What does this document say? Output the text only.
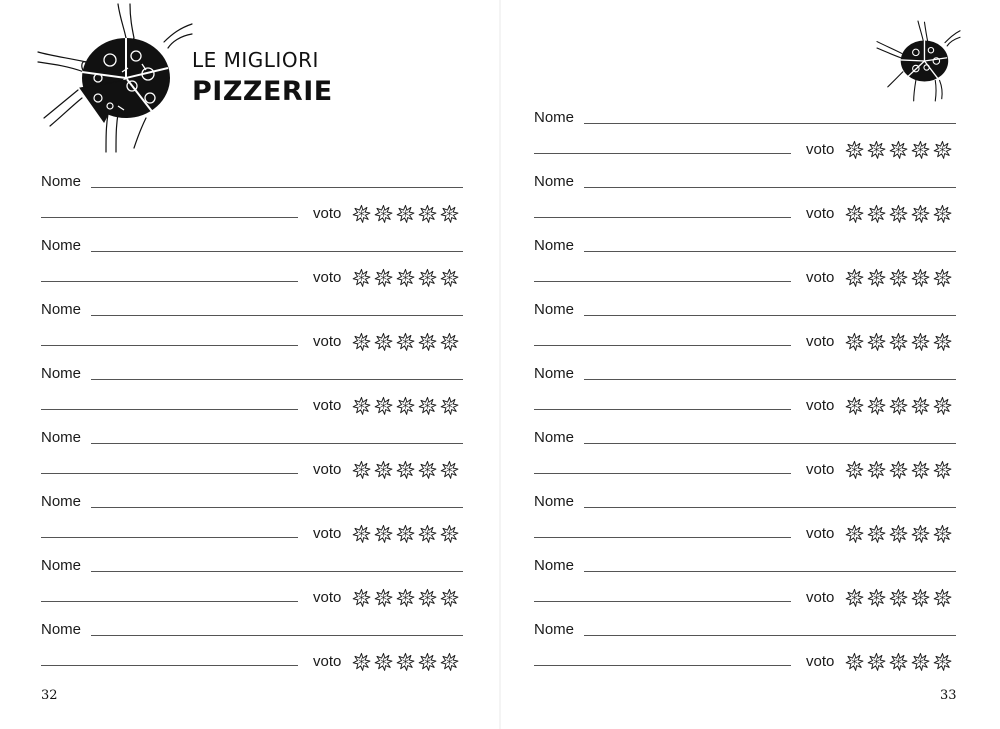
LE MIGLIORI
PIZZERIE
Nome
voto
Nome
voto
Nome
voto
Nome
voto
Nome
voto
Nome
voto
Nome
voto
Nome
voto
32
Nome
voto
Nome
voto
Nome
voto
Nome
voto
Nome
voto
Nome
voto
Nome
voto
Nome
voto
Nome
voto
33
